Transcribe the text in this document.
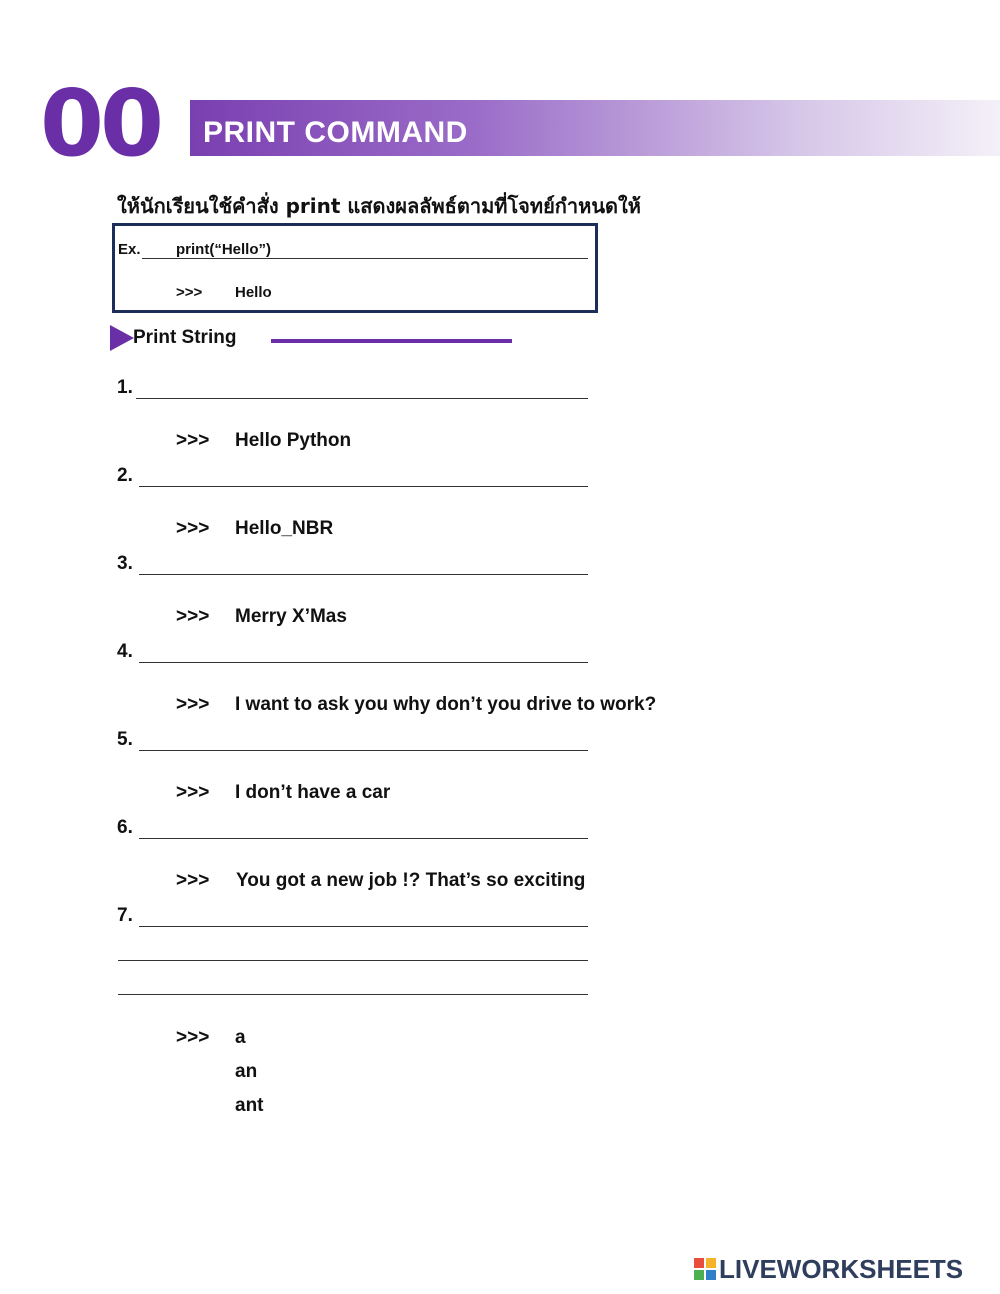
00 PRINT COMMAND
ให้นักเรียนใช้คำสั่ง print แสดงผลลัพธ์ตามที่โจทย์กำหนดให้
Ex. print(“Hello”)
>>> Hello
Print String
1.
>>> Hello Python
2.
>>> Hello_NBR
3.
>>> Merry X’Mas
4.
>>> I want to ask you why don’t you drive to work?
5.
>>> I don’t have a car
6.
>>> You got a new job !? That’s so exciting
7.
>>> a
an
ant
LIVEWORKSHEETS
